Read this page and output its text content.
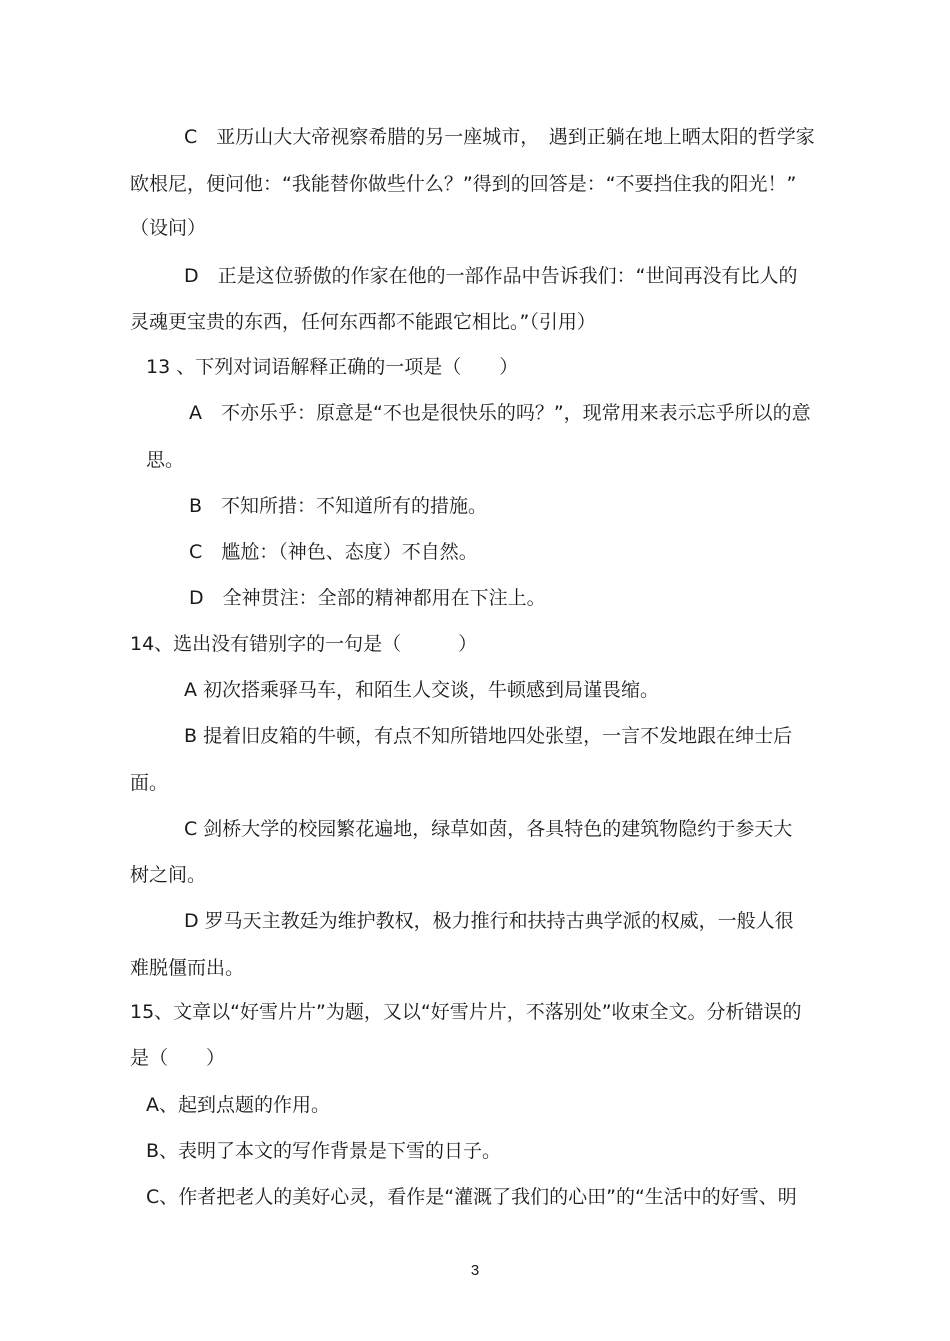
C　亚历山大大帝视察希腊的另一座城市，　遇到正躺在地上晒太阳的哲学家
欧根尼，便问他：“我能替你做些什么？”得到的回答是：“不要挡住我的阳光！”
（设问）
D　正是这位骄傲的作家在他的一部作品中告诉我们：“世间再没有比人的
灵魂更宝贵的东西，任何东西都不能跟它相比。”（引用）
13 、下列对词语解释正确的一项是（　　）
A　不亦乐乎：原意是“不也是很快乐的吗？”，现常用来表示忘乎所以的意
思。
B　不知所措：不知道所有的措施。
C　尴尬：（神色、态度）不自然。
D　全神贯注：全部的精神都用在下注上。
14、选出没有错别字的一句是（　　　）
A 初次搭乘驿马车，和陌生人交谈，牛顿感到局谨畏缩。
B 提着旧皮箱的牛顿，有点不知所错地四处张望，一言不发地跟在绅士后
面。
C 剑桥大学的校园繁花遍地，绿草如茵，各具特色的建筑物隐约于参天大
树之间。
D 罗马天主教廷为维护教权，极力推行和扶持古典学派的权威，一般人很
难脱僵而出。
15、文章以“好雪片片”为题，又以“好雪片片，不落别处”收束全文。分析错误的
是（　　）
A、起到点题的作用。
B、表明了本文的写作背景是下雪的日子。
C、作者把老人的美好心灵，看作是“灌溉了我们的心田”的“生活中的好雪、明
3
